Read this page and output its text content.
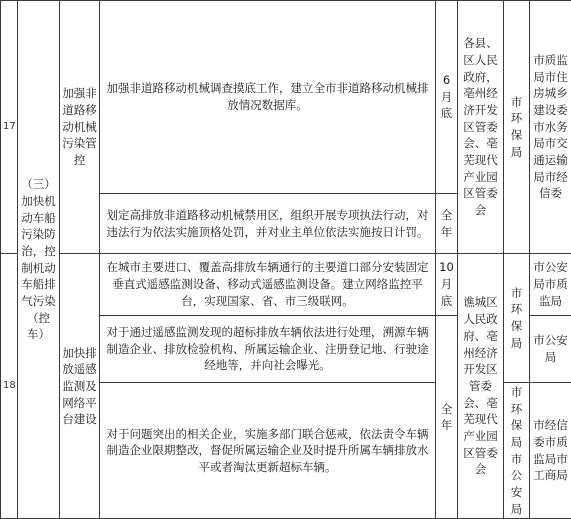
17	（三）加快机动车船污染防治，控制机动车船排气污染（控车）	加强非道路移动机械污染管控	加强非道路移动机械调查摸底工作，建立全市非道路移动机械排放情况数据库。	6月底	各县、区人民政府，亳州经济开发区管委会、亳芜现代产业园区管委会	市环保局	市质监局市住房城乡建设委市水务局市交通运输局市经信委
			划定高排放非道路移动机械禁用区，组织开展专项执法行动，对违法行为依法实施顶格处罚，并对业主单位依法实施按日计罚。	全年			
18		加快排放遥感监测及网络平台建设	在城市主要进口、覆盖高排放车辆通行的主要道口部分安装固定垂直式遥感监测设备、移动式遥感监测设备。建立网络监控平台，实现国家、省、市三级联网。	10月底	谯城区人民政府、亳州经济开发区管委会、亳芜现代产业园区管委会	市环保局	市公安局市质监局
			对于通过遥感监测发现的超标排放车辆依法进行处理，溯源车辆制造企业、排放检验机构、所属运输企业、注册登记地、行驶途经地等，并向社会曝光。	全年			市公安局
			对于问题突出的相关企业，实施多部门联合惩戒，依法责令车辆制造企业限期整改，督促所属运输企业及时提升所属车辆排放水平或者淘汰更新超标车辆。			市环保局市公安局	市经信委市质监局市工商局
